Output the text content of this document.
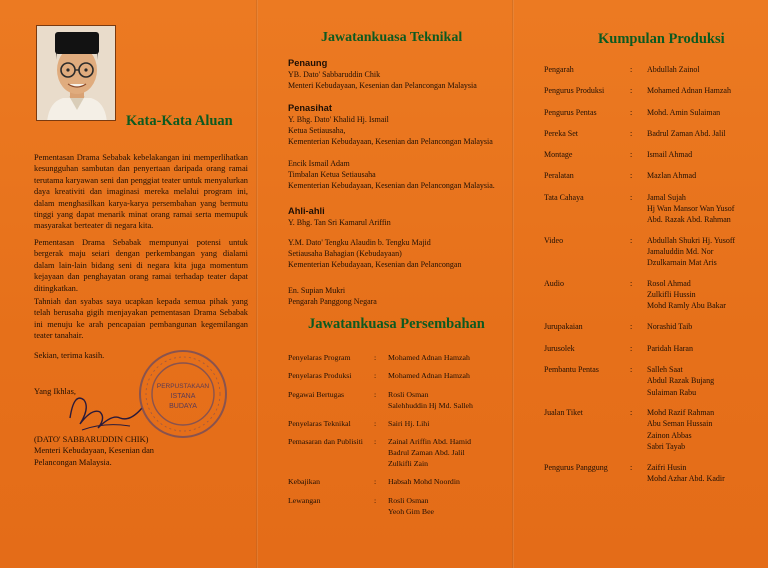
Kata-Kata Aluan

Pementasan Drama Sebabak kebelakangan ini memperlihatkan kesungguhan sambutan dan penyertaan daripada orang ramai terutama karyawan seni dan penggiat teater untuk menyalurkan daya kreativiti dan imaginasi mereka melalui program ini, dalam menghasilkan karya-karya persembahan yang bermutu tinggi yang dapat menarik minat orang ramai serta memupuk masyarakat berteater di negara kita.

Pementasan Drama Sebabak mempunyai potensi untuk bergerak maju seiari dengan perkembangan yang dialami dalam lain-lain bidang seni di negara kita juga momentum kejayaan dan penghayatan orang ramai terhadap teater dapat ditingkatkan.

Tahniah dan syabas saya ucapkan kepada semua pihak yang telah berusaha gigih menjayakan pementasan Drama Sebabak ini menuju ke arah pencapaian pembangunan kegemilangan teater tanahair.

Sekian, terima kasih.

Yang Ikhlas,

PERPUSTAKAAN
ISTANA
BUDAYA
(DATO' SABBARUDDIN CHIK)
Menteri Kebudayaan, Kesenian dan
Pelancongan Malaysia.
Jawatankuasa Teknikal
Penaung
YB. Dato' Sabbaruddin Chik
Menteri Kebudayaan, Kesenian dan Pelancongan Malaysia
Penasihat
Y. Bhg. Dato' Khalid Hj. Ismail
Ketua Setiausaha,
Kementerian Kebudayaan, Kesenian dan Pelancongan Malaysia
Encik Ismail Adam
Timbalan Ketua Setiausaha
Kementerian Kebudayaan, Kesenian dan Pelancongan Malaysia.
Ahli-ahli
Y. Bhg. Tan Sri Kamarul Ariffin
Y.M. Dato' Tengku Alaudin b. Tengku Majid
Setiausaha Bahagian (Kebudayaan)
Kementerian Kebudayaan, Kesenian dan Pelancongan
En. Supian Mukri
Pengarah Panggong Negara
Jawatankuasa Persembahan
Penyelaras Program	:	Mohamed Adnan Hamzah
Penyelaras Produksi	:	Mohamed Adnan Hamzah
Pegawai Bertugas	:	Rosli Osman
Salehhuddin Hj Md. Salleh
Penyelaras Teknikal	:	Sairi Hj. Lihi
Pemasaran dan Publisiti	:	Zainal Ariffin Abd. Hamid
Badrul Zaman Abd. Jalil
Zulkifli Zain
Kebajikan	:	Habsah Mohd Noordin
Lewangan	:	Rosli Osman
Yeoh Gim Bee
Kumpulan Produksi
Pengarah	:	Abdullah Zainol
Pengurus Produksi	:	Mohamed Adnan Hamzah
Pengurus Pentas	:	Mohd. Amin Sulaiman
Pereka Set	:	Badrul Zaman Abd. Jalil
Montage	:	Ismail Ahmad
Peralatan	:	Mazlan Ahmad
Tata Cahaya	:	Jamal Sujah
Hj Wan Mansor Wan Yusof
Abd. Razak Abd. Rahman
Video	:	Abdullah Shukri Hj. Yusoff
Jamaluddin Md. Nor
Dzulkarnain Mat Aris
Audio	:	Rosol Ahmad
Zulkifli Hussin
Mohd Ramly Abu Bakar
Jurupakaian	:	Norashid Taib
Jurusolek	:	Paridah Haran
Pembantu Pentas	:	Salleh Saat
Abdul Razak Bujang
Sulaiman Rabu
Jualan Tiket	:	Mohd Razif Rahman
Abu Seman Hussain
Zainon Abbas
Sabri Tayab
Pengurus Panggung	:	Zaifri Husin
Mohd Azhar Abd. Kadir
